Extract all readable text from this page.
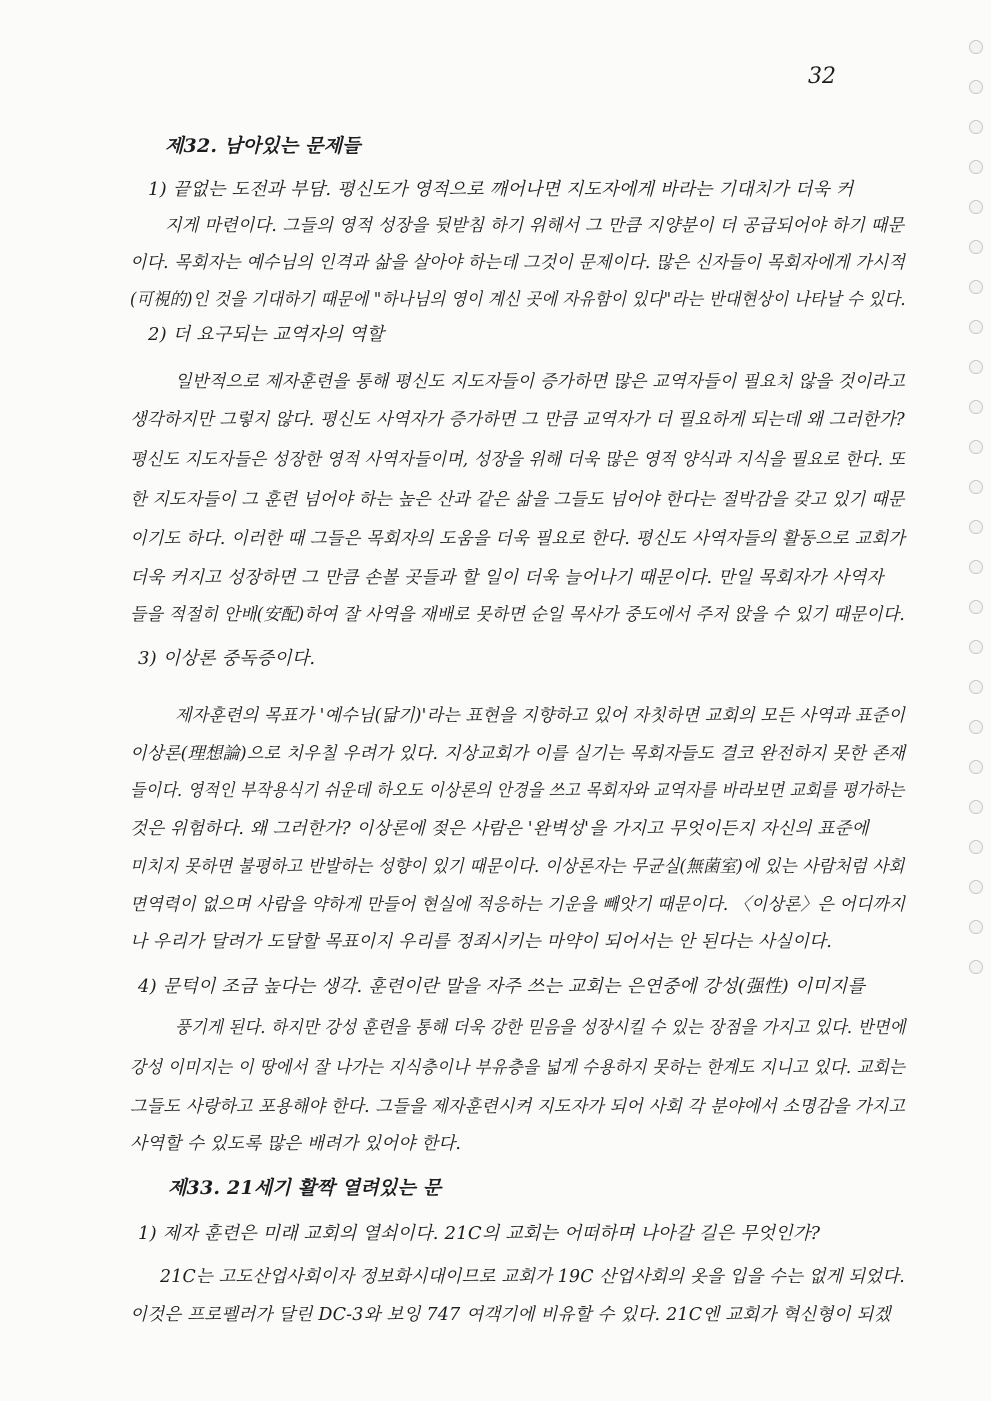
32
제32. 남아있는 문제들
1) 끝없는 도전과 부담. 평신도가 영적으로 깨어나면 지도자에게 바라는 기대치가 더욱 커
지게 마련이다. 그들의 영적 성장을 뒷받침 하기 위해서 그 만큼 지양분이 더 공급되어야 하기 때문
이다. 목회자는 예수님의 인격과 삶을 살아야 하는데 그것이 문제이다. 많은 신자들이 목회자에게 가시적
(可視的)인 것을 기대하기 때문에 "하나님의 영이 계신 곳에 자유함이 있다"라는 반대현상이 나타날 수 있다.
2) 더 요구되는 교역자의 역할
일반적으로 제자훈련을 통해 평신도 지도자들이 증가하면 많은 교역자들이 필요치 않을 것이라고
생각하지만 그렇지 않다. 평신도 사역자가 증가하면 그 만큼 교역자가 더 필요하게 되는데 왜 그러한가?
평신도 지도자들은 성장한 영적 사역자들이며, 성장을 위해 더욱 많은 영적 양식과 지식을 필요로 한다. 또
한 지도자들이 그 훈련 넘어야 하는 높은 산과 같은 삶을 그들도 넘어야 한다는 절박감을 갖고 있기 때문
이기도 하다. 이러한 때 그들은 목회자의 도움을 더욱 필요로 한다. 평신도 사역자들의 활동으로 교회가
더욱 커지고 성장하면 그 만큼 손볼 곳들과 할 일이 더욱 늘어나기 때문이다. 만일 목회자가 사역자
들을 적절히 안배(安配)하여 잘 사역을 재배로 못하면 순일 목사가 중도에서 주저 앉을 수 있기 때문이다.
3) 이상론 중독증이다.
제자훈련의 목표가 '예수님(닮기)'라는 표현을 지향하고 있어 자칫하면 교회의 모든 사역과 표준이
이상론(理想論)으로 치우칠 우려가 있다. 지상교회가 이를 실기는 목회자들도 결코 완전하지 못한 존재
들이다. 영적인 부작용식기 쉬운데 하오도 이상론의 안경을 쓰고 목회자와 교역자를 바라보면 교회를 평가하는
것은 위험하다. 왜 그러한가? 이상론에 젖은 사람은 '완벽성'을 가지고 무엇이든지 자신의 표준에
미치지 못하면 불평하고 반발하는 성향이 있기 때문이다. 이상론자는 무균실(無菌室)에 있는 사람처럼 사회
면역력이 없으며 사람을 약하게 만들어 현실에 적응하는 기운을 빼앗기 때문이다. 〈이상론〉은 어디까지
나 우리가 달려가 도달할 목표이지 우리를 정죄시키는 마약이 되어서는 안 된다는 사실이다.
4) 문턱이 조금 높다는 생각. 훈련이란 말을 자주 쓰는 교회는 은연중에 강성(强性) 이미지를
풍기게 된다. 하지만 강성 훈련을 통해 더욱 강한 믿음을 성장시킬 수 있는 장점을 가지고 있다. 반면에
강성 이미지는 이 땅에서 잘 나가는 지식층이나 부유층을 넓게 수용하지 못하는 한계도 지니고 있다. 교회는
그들도 사랑하고 포용해야 한다. 그들을 제자훈련시켜 지도자가 되어 사회 각 분야에서 소명감을 가지고
사역할 수 있도록 많은 배려가 있어야 한다.
제33. 21세기 활짝 열려있는 문
1) 제자 훈련은 미래 교회의 열쇠이다. 21C의 교회는 어떠하며 나아갈 길은 무엇인가?
21C는 고도산업사회이자 정보화시대이므로 교회가 19C 산업사회의 옷을 입을 수는 없게 되었다.
이것은 프로펠러가 달린 DC-3와 보잉 747 여객기에 비유할 수 있다. 21C엔 교회가 혁신형이 되겠
